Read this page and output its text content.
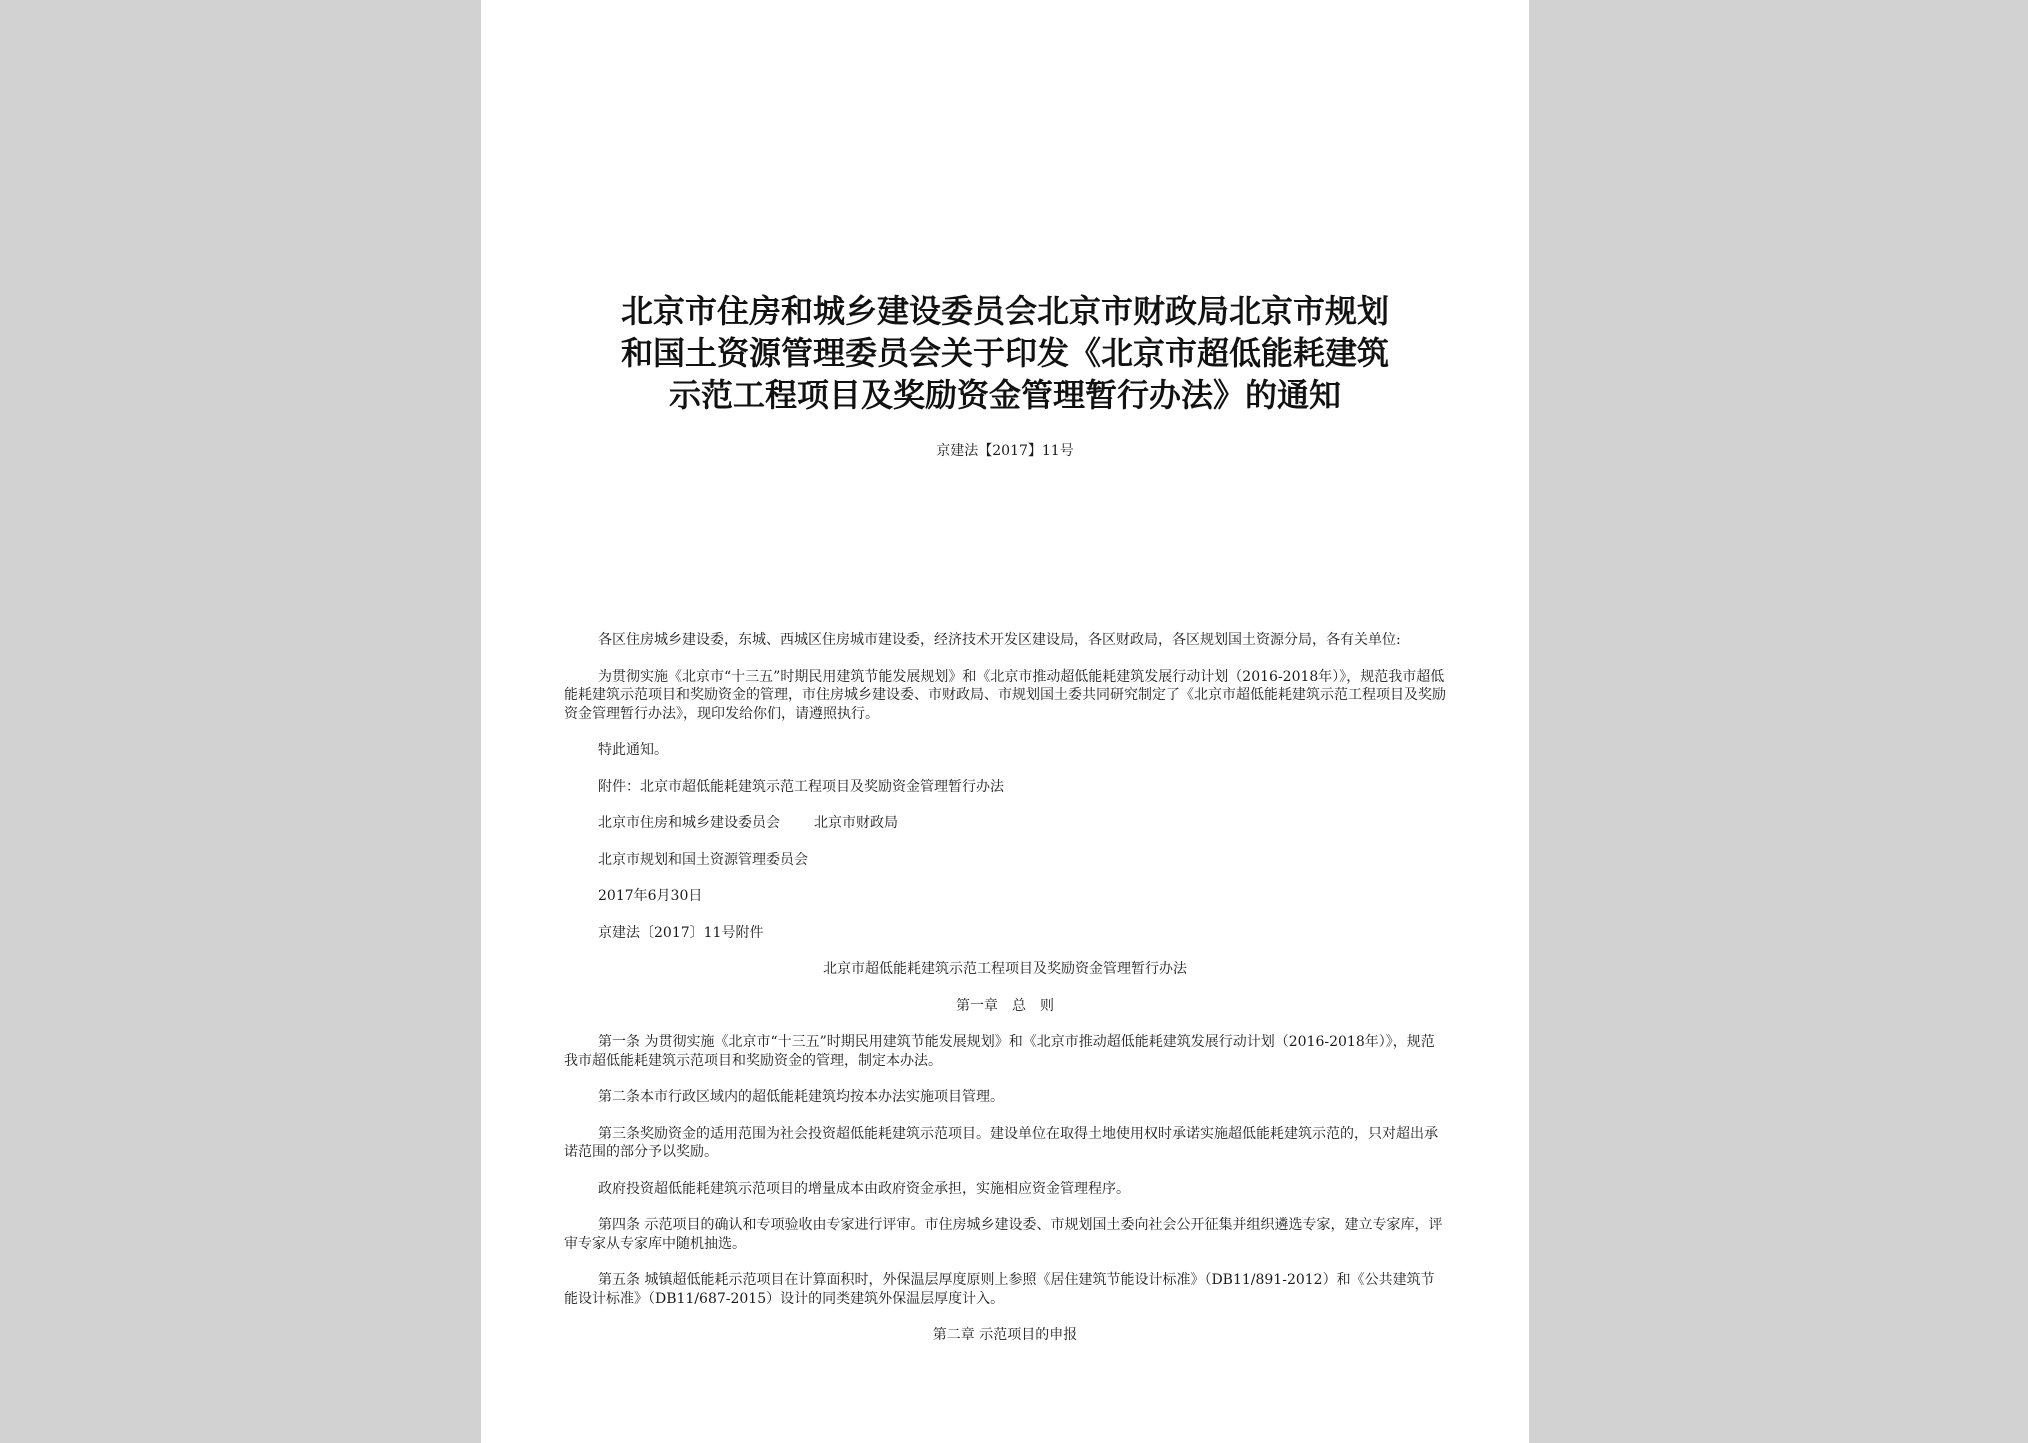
北京市住房和城乡建设委员会北京市财政局北京市规划
和国土资源管理委员会关于印发《北京市超低能耗建筑
示范工程项目及奖励资金管理暂行办法》的通知
京建法【2017】11号

各区住房城乡建设委，东城、西城区住房城市建设委，经济技术开发区建设局，各区财政局，各区规划国土资源分局，各有关单位:

为贯彻实施《北京市“十三五”时期民用建筑节能发展规划》和《北京市推动超低能耗建筑发展行动计划（2016-2018年）》，规范我市超低能耗建筑示范项目和奖励资金的管理，市住房城乡建设委、市财政局、市规划国土委共同研究制定了《北京市超低能耗建筑示范工程项目及奖励资金管理暂行办法》，现印发给你们，请遵照执行。

特此通知。

附件：北京市超低能耗建筑示范工程项目及奖励资金管理暂行办法

北京市住房和城乡建设委员会 北京市财政局

北京市规划和国土资源管理委员会

2017年6月30日

京建法〔2017〕11号附件

北京市超低能耗建筑示范工程项目及奖励资金管理暂行办法

第一章　总　则

第一条 为贯彻实施《北京市“十三五”时期民用建筑节能发展规划》和《北京市推动超低能耗建筑发展行动计划（2016-2018年）》，规范我市超低能耗建筑示范项目和奖励资金的管理，制定本办法。

第二条本市行政区域内的超低能耗建筑均按本办法实施项目管理。

第三条奖励资金的适用范围为社会投资超低能耗建筑示范项目。建设单位在取得土地使用权时承诺实施超低能耗建筑示范的，只对超出承诺范围的部分予以奖励。

政府投资超低能耗建筑示范项目的增量成本由政府资金承担，实施相应资金管理程序。

第四条 示范项目的确认和专项验收由专家进行评审。市住房城乡建设委、市规划国土委向社会公开征集并组织遴选专家，建立专家库，评审专家从专家库中随机抽选。

第五条 城镇超低能耗示范项目在计算面积时，外保温层厚度原则上参照《居住建筑节能设计标准》（DB11/891-2012）和《公共建筑节能设计标准》（DB11/687-2015）设计的同类建筑外保温层厚度计入。

第二章 示范项目的申报
